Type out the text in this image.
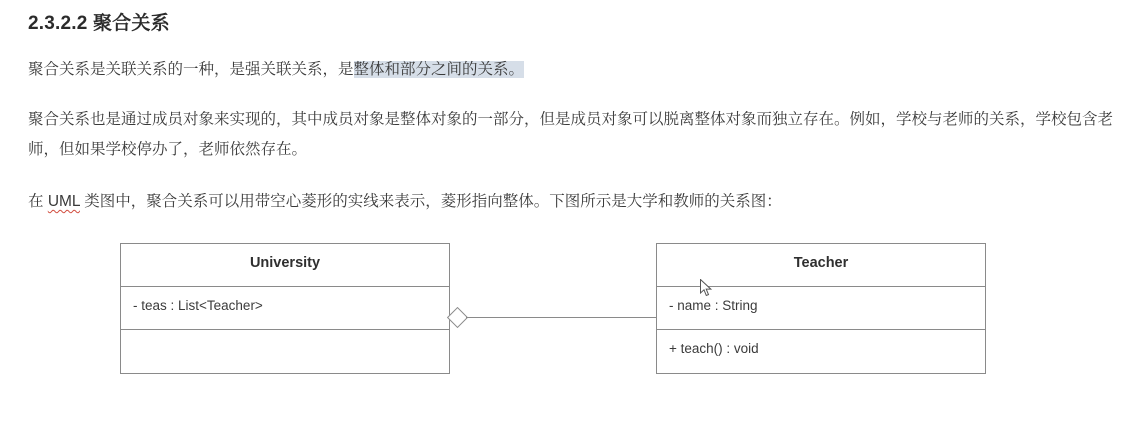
2.3.2.2 聚合关系

聚合关系是关联关系的一种，是强关联关系，是整体和部分之间的关系。

聚合关系也是通过成员对象来实现的，其中成员对象是整体对象的一部分，但是成员对象可以脱离整体对象而独立存在。例如，学校与老师的关系，学校包含老师，但如果学校停办了，老师依然存在。

在 UML 类图中，聚合关系可以用带空心菱形的实线来表示，菱形指向整体。下图所示是大学和教师的关系图：

University
- teas : List<Teacher>
Teacher
- name : String
+ teach() : void
